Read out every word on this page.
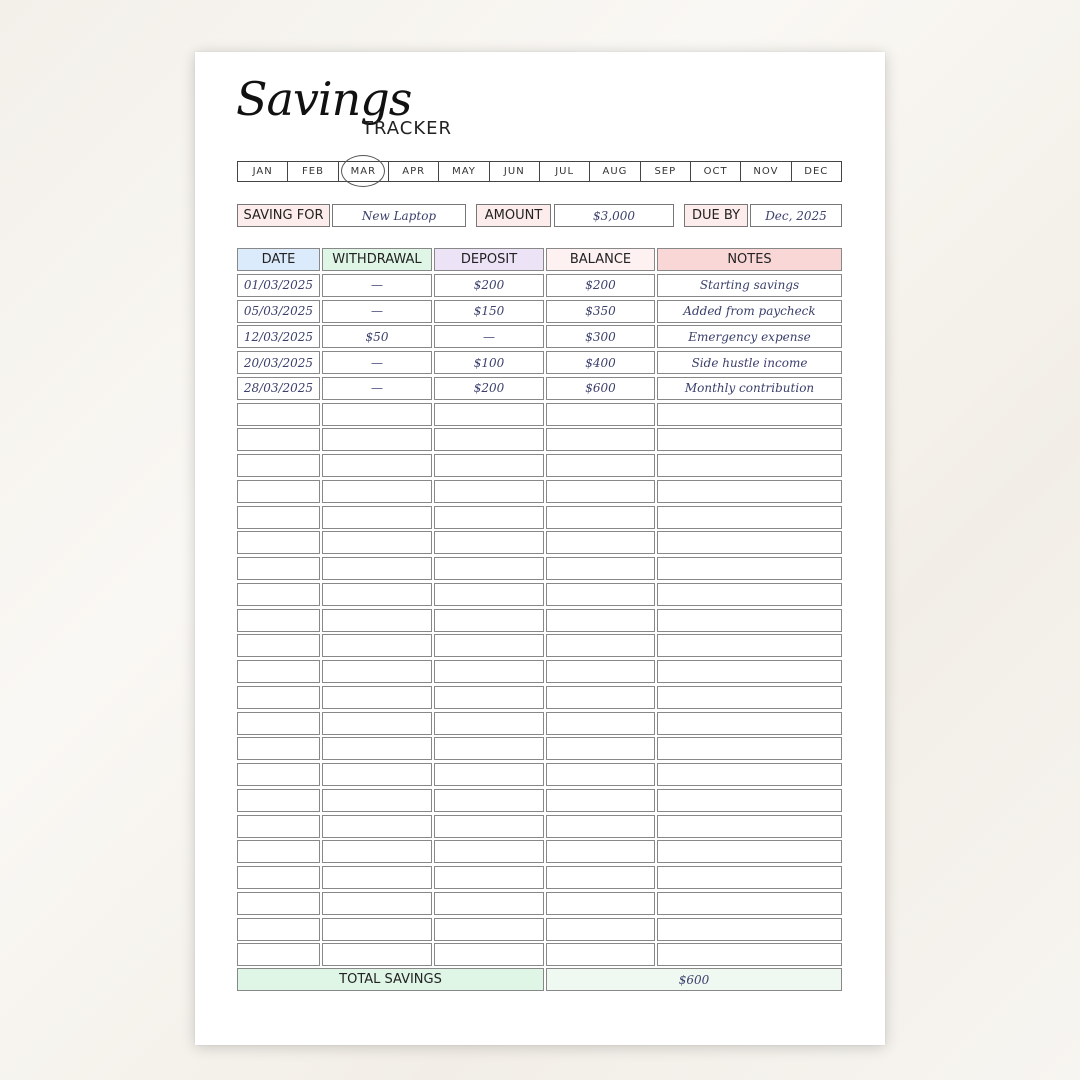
Savings
TRACKER
JAN	FEB	MAR	APR	MAY	JUN	JUL	AUG	SEP	OCT	NOV	DEC
SAVING FOR	New Laptop	AMOUNT	$3,000	DUE BY	Dec, 2025
DATE	WITHDRAWAL	DEPOSIT	BALANCE	NOTES
01/03/2025	—	$200	$200	Starting savings
05/03/2025	—	$150	$350	Added from paycheck
12/03/2025	$50	—	$300	Emergency expense
20/03/2025	—	$100	$400	Side hustle income
28/03/2025	—	$200	$600	Monthly contribution
TOTAL SAVINGS	$600
